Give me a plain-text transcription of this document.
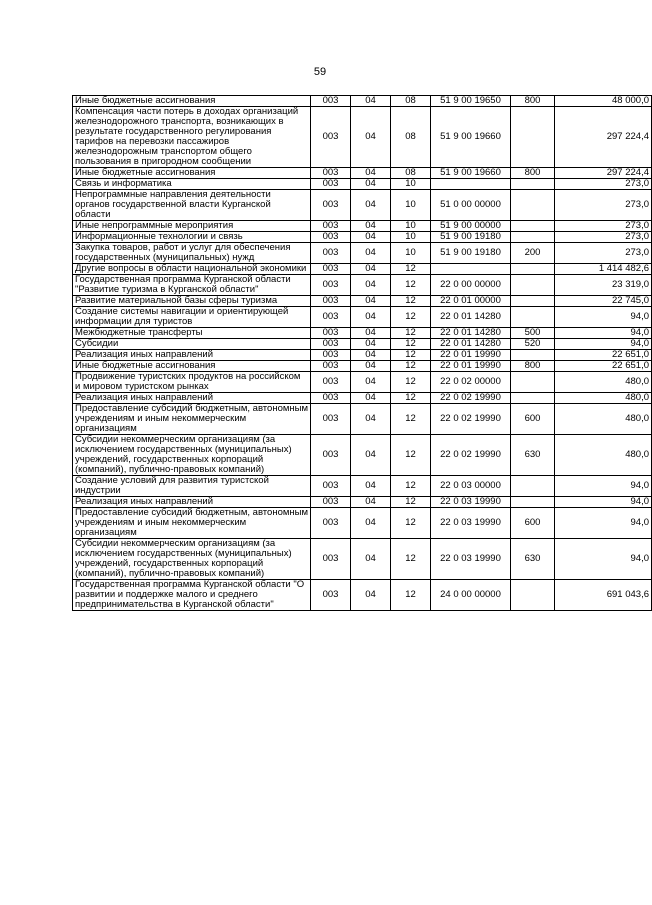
59
Иные бюджетные ассигнования	003	04	08	51 9 00 19650	800	48 000,0
Компенсация части потерь в доходах организаций железнодорожного транспорта, возникающих в результате государственного регулирования тарифов на перевозки пассажиров железнодорожным транспортом общего пользования в пригородном сообщении	003	04	08	51 9 00 19660		297 224,4
Иные бюджетные ассигнования	003	04	08	51 9 00 19660	800	297 224,4
Связь и информатика	003	04	10			273,0
Непрограммные направления деятельности органов государственной власти Курганской области	003	04	10	51 0 00 00000		273,0
Иные непрограммные мероприятия	003	04	10	51 9 00 00000		273,0
Информационные технологии и связь	003	04	10	51 9 00 19180		273,0
Закупка товаров, работ и услуг для обеспечения государственных (муниципальных) нужд	003	04	10	51 9 00 19180	200	273,0
Другие вопросы в области национальной экономики	003	04	12			1 414 482,6
Государственная программа Курганской области "Развитие туризма в Курганской области"	003	04	12	22 0 00 00000		23 319,0
Развитие материальной базы сферы туризма	003	04	12	22 0 01 00000		22 745,0
Создание системы навигации и ориентирующей информации для туристов	003	04	12	22 0 01 14280		94,0
Межбюджетные трансферты	003	04	12	22 0 01 14280	500	94,0
Субсидии	003	04	12	22 0 01 14280	520	94,0
Реализация иных направлений	003	04	12	22 0 01 19990		22 651,0
Иные бюджетные ассигнования	003	04	12	22 0 01 19990	800	22 651,0
Продвижение туристских продуктов на российском и мировом туристском рынках	003	04	12	22 0 02 00000		480,0
Реализация иных направлений	003	04	12	22 0 02 19990		480,0
Предоставление субсидий бюджетным, автономным учреждениям и иным некоммерческим организациям	003	04	12	22 0 02 19990	600	480,0
Субсидии некоммерческим организациям (за исключением государственных (муниципальных) учреждений, государственных корпораций (компаний), публично-правовых компаний)	003	04	12	22 0 02 19990	630	480,0
Создание условий для развития туристской индустрии	003	04	12	22 0 03 00000		94,0
Реализация иных направлений	003	04	12	22 0 03 19990		94,0
Предоставление субсидий бюджетным, автономным учреждениям и иным некоммерческим организациям	003	04	12	22 0 03 19990	600	94,0
Субсидии некоммерческим организациям (за исключением государственных (муниципальных) учреждений, государственных корпораций (компаний), публично-правовых компаний)	003	04	12	22 0 03 19990	630	94,0
Государственная программа Курганской области "О развитии и поддержке малого и среднего предпринимательства в Курганской области"	003	04	12	24 0 00 00000		691 043,6
